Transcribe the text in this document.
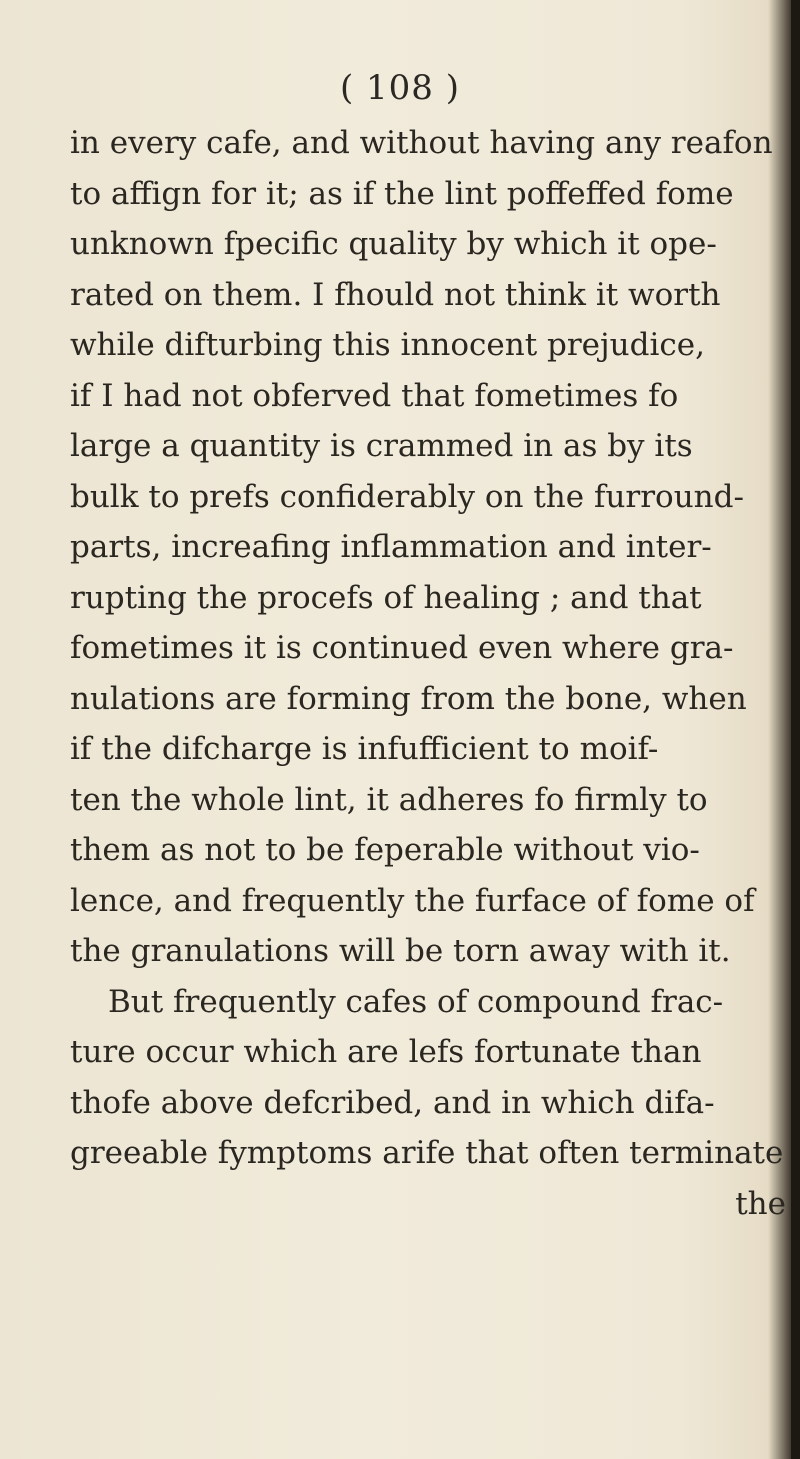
( 108 )
in every cafe, and without having any reafon
to affign for it; as if the lint poffeffed fome
unknown fpecific quality by which it ope-
rated on them. I fhould not think it worth
while difturbing this innocent prejudice,
if I had not obferved that fometimes fo
large a quantity is crammed in as by its
bulk to prefs confiderably on the furround-
parts, increafing inflammation and inter-
rupting the procefs of healing ; and that
fometimes it is continued even where gra-
nulations are forming from the bone, when
if the difcharge is infufficient to moif-
ten the whole lint, it adheres fo firmly to
them as not to be feperable without vio-
lence, and frequently the furface of fome of
the granulations will be torn away with it.
But frequently cafes of compound frac-
ture occur which are lefs fortunate than
thofe above defcribed, and in which difa-
greeable fymptoms arife that often terminate
the
